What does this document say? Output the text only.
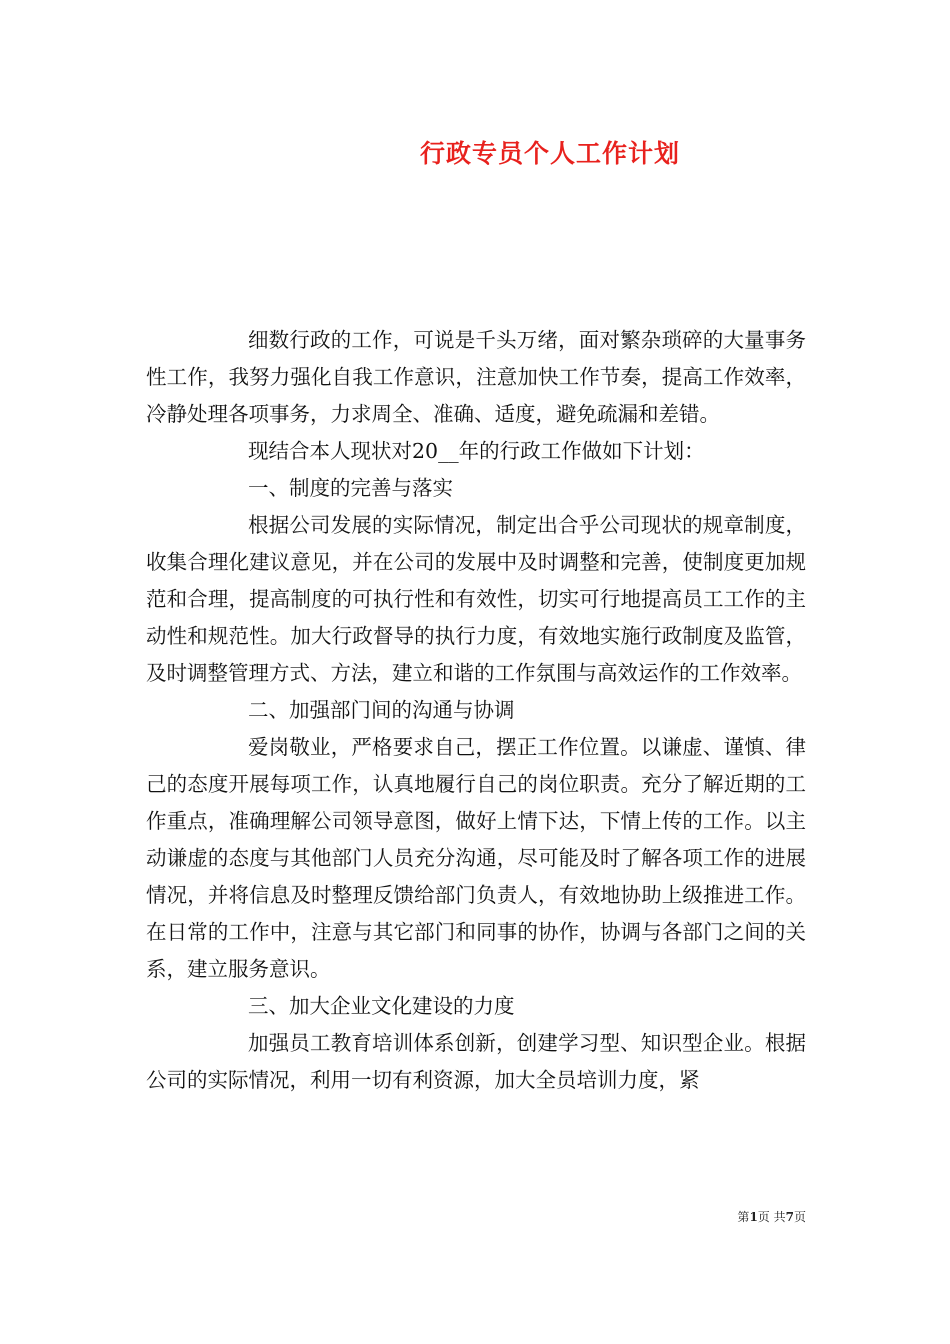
行政专员个人工作计划

细数行政的工作，可说是千头万绪，面对繁杂琐碎的大量事务性工作，我努力强化自我工作意识，注意加快工作节奏，提高工作效率，冷静处理各项事务，力求周全、准确、适度，避免疏漏和差错。

现结合本人现状对20__年的行政工作做如下计划：

一、制度的完善与落实

根据公司发展的实际情况，制定出合乎公司现状的规章制度，收集合理化建议意见，并在公司的发展中及时调整和完善，使制度更加规范和合理，提高制度的可执行性和有效性，切实可行地提高员工工作的主动性和规范性。加大行政督导的执行力度，有效地实施行政制度及监管，及时调整管理方式、方法，建立和谐的工作氛围与高效运作的工作效率。

二、加强部门间的沟通与协调

爱岗敬业，严格要求自己，摆正工作位置。以谦虚、谨慎、律己的态度开展每项工作，认真地履行自己的岗位职责。充分了解近期的工作重点，准确理解公司领导意图，做好上情下达，下情上传的工作。以主动谦虚的态度与其他部门人员充分沟通，尽可能及时了解各项工作的进展情况，并将信息及时整理反馈给部门负责人，有效地协助上级推进工作。在日常的工作中，注意与其它部门和同事的协作，协调与各部门之间的关系，建立服务意识。

三、加大企业文化建设的力度

加强员工教育培训体系创新，创建学习型、知识型企业。根据公司的实际情况，利用一切有利资源，加大全员培训力度，紧

第1页 共7页
